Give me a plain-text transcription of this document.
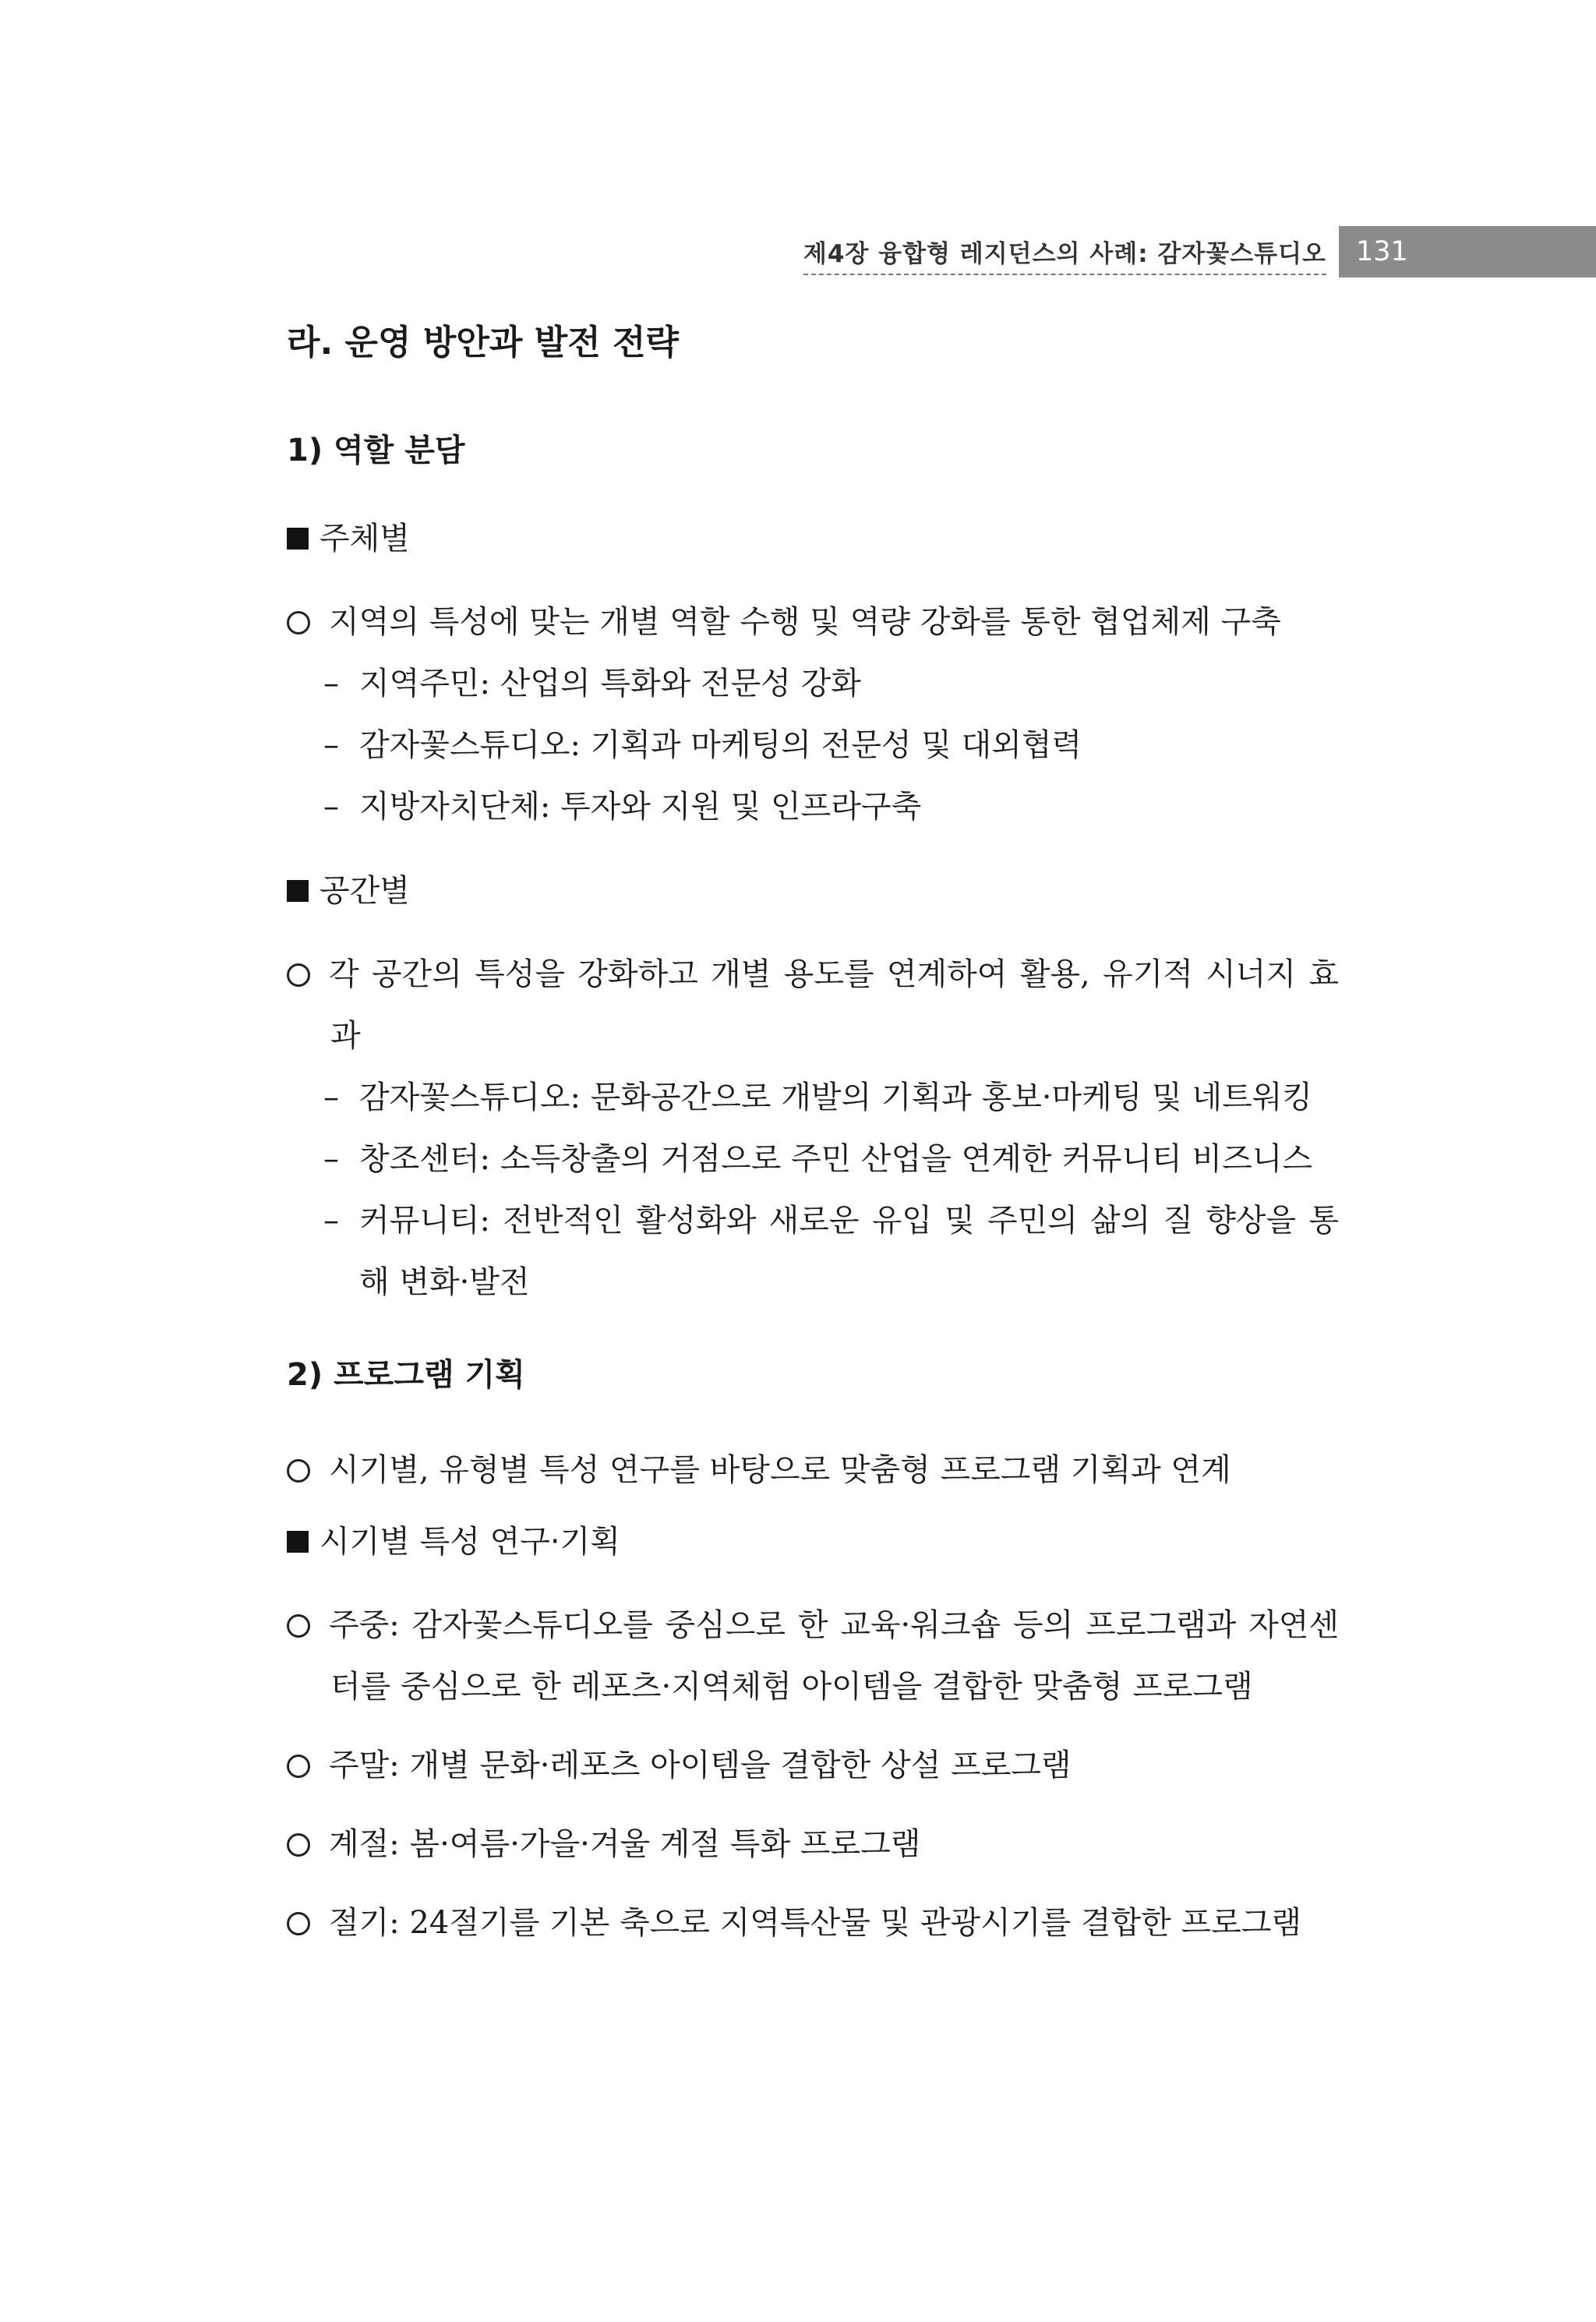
제4장 융합형 레지던스의 사례: 감자꽃스튜디오	131
라. 운영 방안과 발전 전략
1) 역할 분담
주체별
지역의 특성에 맞는 개별 역할 수행 및 역량 강화를 통한 협업체제 구축
– 지역주민: 산업의 특화와 전문성 강화
– 감자꽃스튜디오: 기획과 마케팅의 전문성 및 대외협력
– 지방자치단체: 투자와 지원 및 인프라구축
공간별
각 공간의 특성을 강화하고 개별 용도를 연계하여 활용, 유기적 시너지 효과
– 감자꽃스튜디오: 문화공간으로 개발의 기획과 홍보·마케팅 및 네트워킹
– 창조센터: 소득창출의 거점으로 주민 산업을 연계한 커뮤니티 비즈니스
– 커뮤니티: 전반적인 활성화와 새로운 유입 및 주민의 삶의 질 향상을 통해 변화·발전
2) 프로그램 기획
시기별, 유형별 특성 연구를 바탕으로 맞춤형 프로그램 기획과 연계
시기별 특성 연구·기획
주중: 감자꽃스튜디오를 중심으로 한 교육·워크숍 등의 프로그램과 자연센터를 중심으로 한 레포츠·지역체험 아이템을 결합한 맞춤형 프로그램
주말: 개별 문화·레포츠 아이템을 결합한 상설 프로그램
계절: 봄·여름·가을·겨울 계절 특화 프로그램
절기: 24절기를 기본 축으로 지역특산물 및 관광시기를 결합한 프로그램
